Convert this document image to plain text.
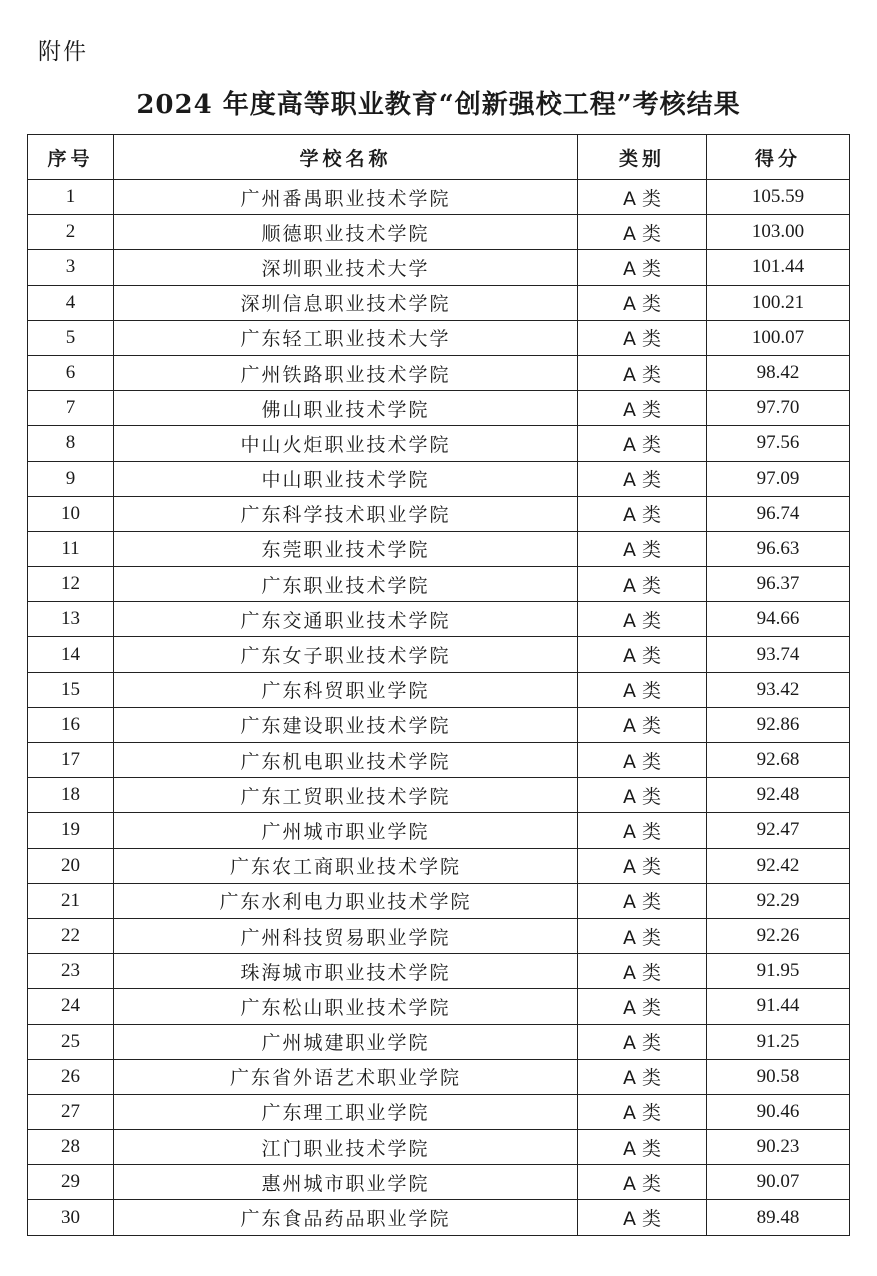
附件
2024 年度高等职业教育“创新强校工程”考核结果
序号	学校名称	类别	得分
1	广州番禺职业技术学院	A 类	105.59
2	顺德职业技术学院	A 类	103.00
3	深圳职业技术大学	A 类	101.44
4	深圳信息职业技术学院	A 类	100.21
5	广东轻工职业技术大学	A 类	100.07
6	广州铁路职业技术学院	A 类	98.42
7	佛山职业技术学院	A 类	97.70
8	中山火炬职业技术学院	A 类	97.56
9	中山职业技术学院	A 类	97.09
10	广东科学技术职业学院	A 类	96.74
11	东莞职业技术学院	A 类	96.63
12	广东职业技术学院	A 类	96.37
13	广东交通职业技术学院	A 类	94.66
14	广东女子职业技术学院	A 类	93.74
15	广东科贸职业学院	A 类	93.42
16	广东建设职业技术学院	A 类	92.86
17	广东机电职业技术学院	A 类	92.68
18	广东工贸职业技术学院	A 类	92.48
19	广州城市职业学院	A 类	92.47
20	广东农工商职业技术学院	A 类	92.42
21	广东水利电力职业技术学院	A 类	92.29
22	广州科技贸易职业学院	A 类	92.26
23	珠海城市职业技术学院	A 类	91.95
24	广东松山职业技术学院	A 类	91.44
25	广州城建职业学院	A 类	91.25
26	广东省外语艺术职业学院	A 类	90.58
27	广东理工职业学院	A 类	90.46
28	江门职业技术学院	A 类	90.23
29	惠州城市职业学院	A 类	90.07
30	广东食品药品职业学院	A 类	89.48
